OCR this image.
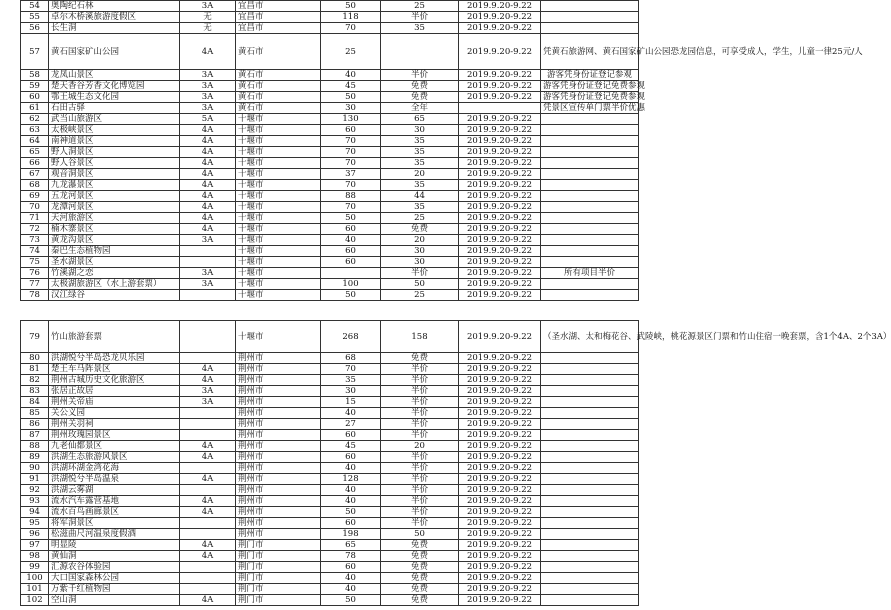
54	奥陶纪石林	3A	宜昌市	50	25	2019.9.20-9.22	
55	卓尔木桥溪旅游度假区	无	宜昌市	118	半价	2019.9.20-9.22	
56	长生洞	无	宜昌市	70	35	2019.9.20-9.22	
57	黄石国家矿山公园	4A	黄石市	25		2019.9.20-9.22	凭黄石旅游网、黄石国家矿山公园恐龙园信息，可享受成人，学生，儿童一律25元/人
58	龙凤山景区	3A	黄石市	40	半价	2019.9.20-9.22	游客凭身份证登记参观
59	楚天香谷芳香文化博览园	3A	黄石市	45	免费	2019.9.20-9.22	游客凭身份证登记免费参观
60	鄂王城生态文化园	3A	黄石市	50	免费	2019.9.20-9.22	游客凭身份证登记免费参观
61	石田古驿	3A	黄石市	30	全年		凭景区宣传单门票半价优惠
62	武当山旅游区	5A	十堰市	130	65	2019.9.20-9.22	
63	太极峡景区	4A	十堰市	60	30	2019.9.20-9.22	
64	南神道景区	4A	十堰市	70	35	2019.9.20-9.22	
65	野人洞景区	4A	十堰市	70	35	2019.9.20-9.22	
66	野人谷景区	4A	十堰市	70	35	2019.9.20-9.22	
67	观音洞景区	4A	十堰市	37	20	2019.9.20-9.22	
68	九龙瀑景区	4A	十堰市	70	35	2019.9.20-9.22	
69	五龙河景区	4A	十堰市	88	44	2019.9.20-9.22	
70	龙潭河景区	4A	十堰市	70	35	2019.9.20-9.22	
71	天河旅游区	4A	十堰市	50	25	2019.9.20-9.22	
72	楠木寨景区	4A	十堰市	60	免费	2019.9.20-9.22	
73	黄龙沟景区	3A	十堰市	40	20	2019.9.20-9.22	
74	秦巴生态植物园		十堰市	60	30	2019.9.20-9.22	
75	圣水湖景区		十堰市	60	30	2019.9.20-9.22	
76	竹溪湖之恋	3A	十堰市		半价	2019.9.20-9.22	所有项目半价
77	太极湖旅游区（水上游套票）	3A	十堰市	100	50	2019.9.20-9.22	
78	汉江绿谷		十堰市	50	25	2019.9.20-9.22	
79	竹山旅游套票		十堰市	268	158	2019.9.20-9.22	（圣水湖、太和梅花谷、武陵峡，桃花源景区门票和竹山住宿一晚套票，含1个4A、2个3A）
80	洪湖悦兮半岛恐龙贝乐园		荆州市	68	免费	2019.9.20-9.22	
81	楚王车马阵景区	4A	荆州市	70	半价	2019.9.20-9.22	
82	荆州古城历史文化旅游区	4A	荆州市	35	半价	2019.9.20-9.22	
83	张居正故居	3A	荆州市	30	半价	2019.9.20-9.22	
84	荆州关帝庙	3A	荆州市	15	半价	2019.9.20-9.22	
85	关公义园		荆州市	40	半价	2019.9.20-9.22	
86	荆州关羽祠		荆州市	27	半价	2019.9.20-9.22	
87	荆州玫瑰园景区		荆州市	60	半价	2019.9.20-9.22	
88	九老仙都景区	4A	荆州市	45	20	2019.9.20-9.22	
89	洪湖生态旅游风景区	4A	荆州市	60	半价	2019.9.20-9.22	
90	洪湖环湖金湾花海		荆州市	40	半价	2019.9.20-9.22	
91	洪湖悦兮半岛温泉	4A	荆州市	128	半价	2019.9.20-9.22	
92	洪湖云雾湖		荆州市	40	半价	2019.9.20-9.22	
93	流水汽车露营基地	4A	荆州市	40	半价	2019.9.20-9.22	
94	流水百鸟画廊景区	4A	荆州市	50	半价	2019.9.20-9.22	
95	将军洞景区		荆州市	60	半价	2019.9.20-9.22	
96	松滋曲尺河温泉度假酒		荆州市	198	50	2019.9.20-9.22	
97	明显陵	4A	荆门市	65	免费	2019.9.20-9.22	
98	黄仙洞	4A	荆门市	78	免费	2019.9.20-9.22	
99	汇源农谷体验园		荆门市	60	免费	2019.9.20-9.22	
100	大口国家森林公园		荆门市	40	免费	2019.9.20-9.22	
101	万紫千红植物园		荆门市	40	免费	2019.9.20-9.22	
102	空山洞	4A	荆门市	50	免费	2019.9.20-9.22	
